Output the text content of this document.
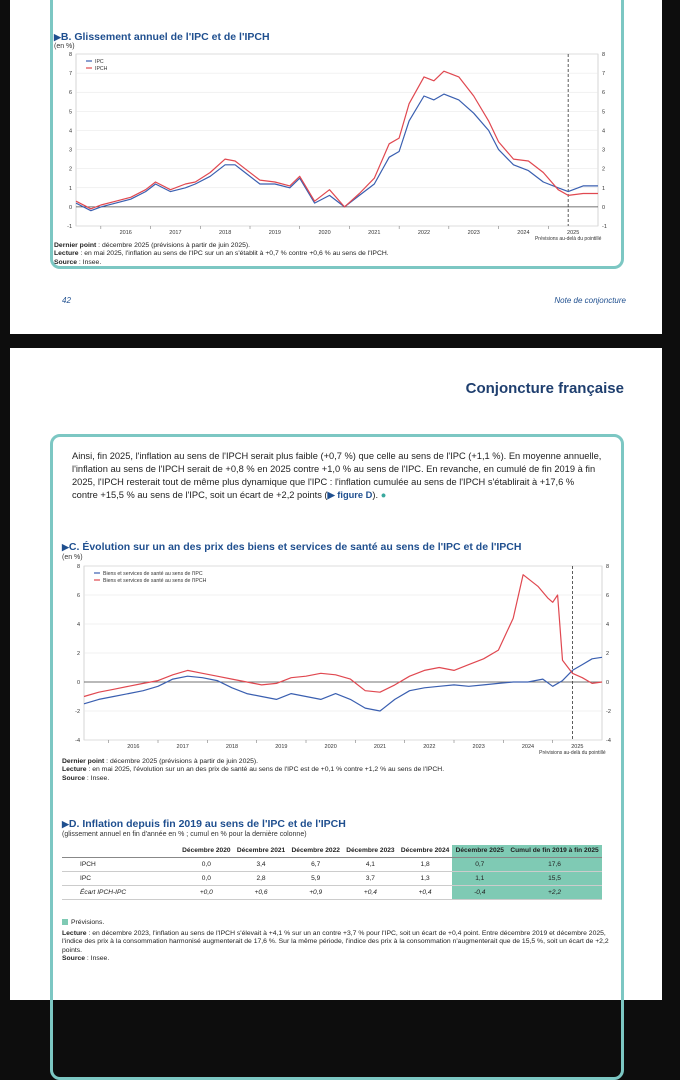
▶B. Glissement annuel de l'IPC et de l'IPCH
(en %)
-1	-1
0	0
1	1
2	2
3	3
4	4
5	5
6	6
7	7
8	8
2016	2017	2018	2019	2020	2021	2022	2023	2024	2025
Prévisions au-delà du pointillé
IPC
IPCH
Dernier point : décembre 2025 (prévisions à partir de juin 2025).
Lecture : en mai 2025, l'inflation au sens de l'IPC sur un an s'établit à +0,7 % contre +0,6 % au sens de l'IPCH.
Source : Insee.
42	Note de conjoncture
Conjoncture française
Ainsi, fin 2025, l'inflation au sens de l'IPCH serait plus faible (+0,7 %) que celle au sens de l'IPC (+1,1 %). En moyenne annuelle, l'inflation au sens de l'IPCH serait de +0,8 % en 2025 contre +1,0 % au sens de l'IPC. En revanche, en cumulé de fin 2019 à fin 2025, l'IPCH resterait tout de même plus dynamique que l'IPC : l'inflation cumulée au sens de l'IPCH s'établirait à +17,6 % contre +15,5 % au sens de l'IPC, soit un écart de +2,2 points (▶ figure D). ●
▶C. Évolution sur un an des prix des biens et services de santé au sens de l'IPC et de l'IPCH
(en %)
-4	-4
-2	-2
0	0
2	2
4	4
6	6
8	8
2016	2017	2018	2019	2020	2021	2022	2023	2024	2025
Prévisions au-delà du pointillé
Biens et services de santé au sens de l'IPC
Biens et services de santé au sens de l'IPCH
Dernier point : décembre 2025 (prévisions à partir de juin 2025).
Lecture : en mai 2025, l'évolution sur un an des prix de santé au sens de l'IPC est de +0,1 % contre +1,2 % au sens de l'IPCH.
Source : Insee.
▶D. Inflation depuis fin 2019 au sens de l'IPC et de l'IPCH
(glissement annuel en fin d'année en % ; cumul en % pour la dernière colonne)
	Décembre 2020	Décembre 2021	Décembre 2022	Décembre 2023	Décembre 2024	Décembre 2025	Cumul de fin 2019 à fin 2025
IPCH	0,0	3,4	6,7	4,1	1,8	0,7	17,6
IPC	0,0	2,8	5,9	3,7	1,3	1,1	15,5
Écart IPCH-IPC	+0,0	+0,6	+0,9	+0,4	+0,4	-0,4	+2,2
Prévisions.
Lecture : en décembre 2023, l'inflation au sens de l'IPCH s'élevait à +4,1 % sur un an contre +3,7 % pour l'IPC, soit un écart de +0,4 point. Entre décembre 2019 et décembre 2025, l'indice des prix à la consommation harmonisé augmenterait de 17,6 %. Sur la même période, l'indice des prix à la consommation n'augmenterait que de 15,5 %, soit un écart de +2,2 points.
Source : Insee.
